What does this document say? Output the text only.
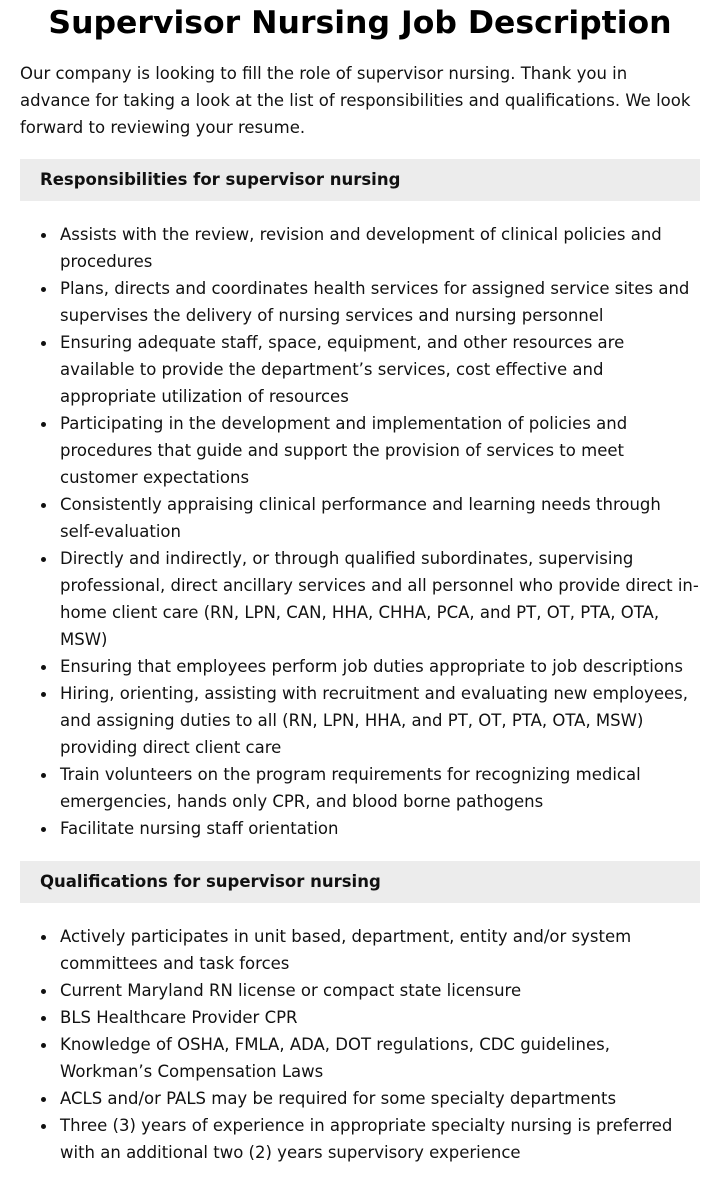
Supervisor Nursing Job Description

Our company is looking to fill the role of supervisor nursing. Thank you in advance for taking a look at the list of responsibilities and qualifications. We look forward to reviewing your resume.

Responsibilities for supervisor nursing
Assists with the review, revision and development of clinical policies and procedures
Plans, directs and coordinates health services for assigned service sites and supervises the delivery of nursing services and nursing personnel
Ensuring adequate staff, space, equipment, and other resources are available to provide the department’s services, cost effective and appropriate utilization of resources
Participating in the development and implementation of policies and procedures that guide and support the provision of services to meet customer expectations
Consistently appraising clinical performance and learning needs through self-evaluation
Directly and indirectly, or through qualified subordinates, supervising professional, direct ancillary services and all personnel who provide direct in-home client care (RN, LPN, CAN, HHA, CHHA, PCA, and PT, OT, PTA, OTA, MSW)
Ensuring that employees perform job duties appropriate to job descriptions
Hiring, orienting, assisting with recruitment and evaluating new employees, and assigning duties to all (RN, LPN, HHA, and PT, OT, PTA, OTA, MSW) providing direct client care
Train volunteers on the program requirements for recognizing medical emergencies, hands only CPR, and blood borne pathogens
Facilitate nursing staff orientation
Qualifications for supervisor nursing
Actively participates in unit based, department, entity and/or system committees and task forces
Current Maryland RN license or compact state licensure
BLS Healthcare Provider CPR
Knowledge of OSHA, FMLA, ADA, DOT regulations, CDC guidelines, Workman’s Compensation Laws
ACLS and/or PALS may be required for some specialty departments
Three (3) years of experience in appropriate specialty nursing is preferred with an additional two (2) years supervisory experience
